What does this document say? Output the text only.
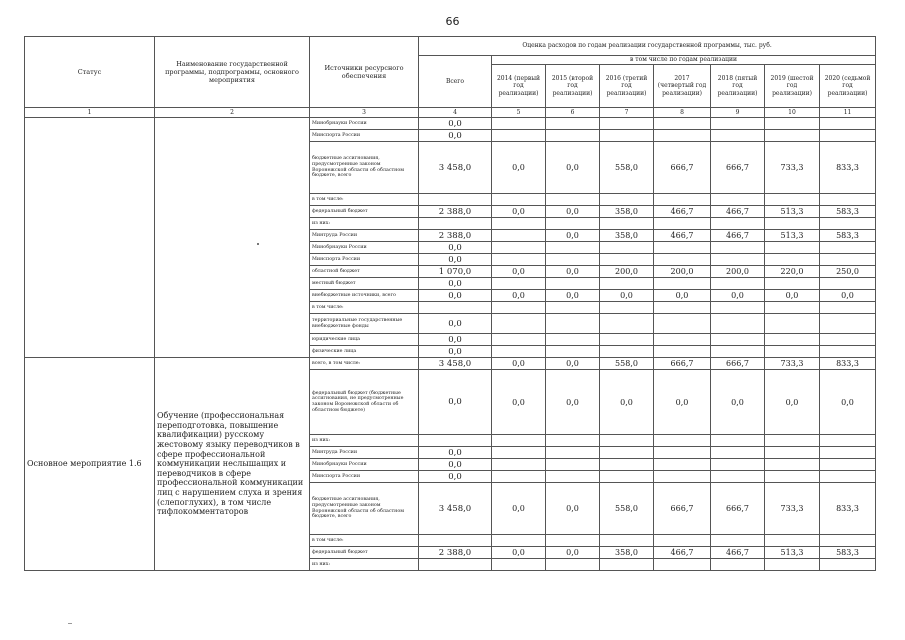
66
Статус	Наименование государственной программы, подпрограммы, основного мероприятия	Источники ресурсного обеспечения	Оценка расходов по годам реализации государственной программы, тыс. руб.							
			Всего	в том числе по годам реализации						
				2014 (первый год реализации)	2015 (второй год реализации)	2016 (третий год реализации)	2017 (четвертый год реализации)	2018 (пятый год реализации)	2019 (шестой год реализации)	2020 (седьмой год реализации)
1	2	3	4	5	6	7	8	9	10	11
		Минобрнауки России	0,0							
		Минспорта России	0,0							
		бюджетные ассигнования, предусмотренные законом Воронежской области об областном бюджете, всего	3 458,0	0,0	0,0	558,0	666,7	666,7	733,3	833,3
		в том числе:								
		федеральный бюджет	2 388,0	0,0	0,0	358,0	466,7	466,7	513,3	583,3
		из них:								
		Минтруда России	2 388,0		0,0	358,0	466,7	466,7	513,3	583,3
		Минобрнауки России	0,0							
		Минспорта России	0,0							
		областной бюджет	1 070,0	0,0	0,0	200,0	200,0	200,0	220,0	250,0
		местный бюджет	0,0							
		внебюджетные источники, всего	0,0	0,0	0,0	0,0	0,0	0,0	0,0	0,0
		в том числе:								
		территориальные государственные внебюджетные фонды	0,0							
		юридические лица	0,0							
		физические лица	0,0							
Основное мероприятие 1.6	Обучение (профессиональная переподготовка, повышение квалификации) русскому жестовому языку переводчиков в сфере профессиональной коммуникации неслышащих и переводчиков в сфере профессиональной коммуникации лиц с нарушением слуха и зрения (слепоглухих), в том числе тифлокомментаторов	всего, в том числе:	3 458,0	0,0	0,0	558,0	666,7	666,7	733,3	833,3
		федеральный бюджет (бюджетные ассигнования, не предусмотренные законом Воронежской области об областном бюджете)	0,0	0,0	0,0	0,0	0,0	0,0	0,0	0,0
		из них:								
		Минтруда России	0,0							
		Минобрнауки России	0,0							
		Минспорта России	0,0							
		бюджетные ассигнования, предусмотренные законом Воронежской области об областном бюджете, всего	3 458,0	0,0	0,0	558,0	666,7	666,7	733,3	833,3
		в том числе:								
		федеральный бюджет	2 388,0	0,0	0,0	358,0	466,7	466,7	513,3	583,3
		из них:								
